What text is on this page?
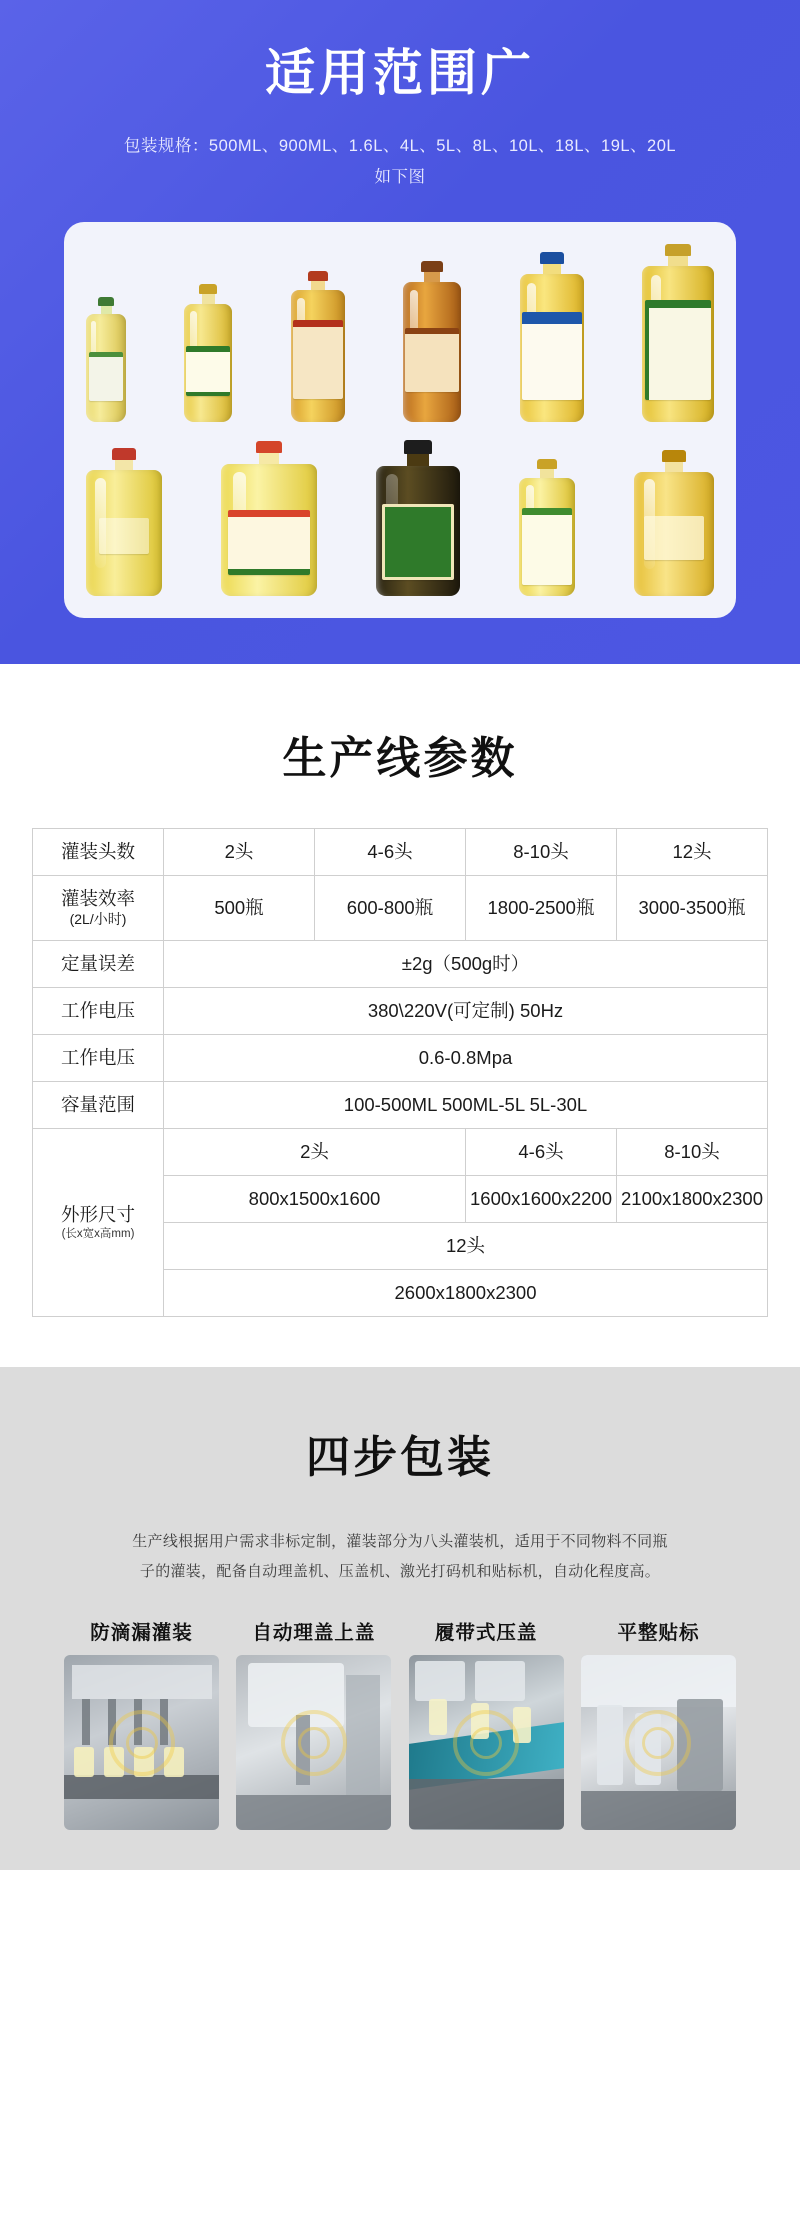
适用范围广
包装规格：500ML、900ML、1.6L、4L、5L、8L、10L、18L、19L、20L
如下图
生产线参数
灌装头数	2头	4-6头	8-10头	12头
灌装效率
(2L/小时)	500瓶	600-800瓶	1800-2500瓶	3000-3500瓶
定量误差	±2g（500g时）			
工作电压	380\220V(可定制) 50Hz			
工作电压	0.6-0.8Mpa			
容量范围	100-500ML 500ML-5L 5L-30L			
外形尺寸
(长x宽x高mm)	2头		4-6头	8-10头
	800x1500x1600		1600x1600x2200	2100x1800x2300
	12头			
	2600x1800x2300			
四步包装
生产线根据用户需求非标定制，灌装部分为八头灌装机，适用于不同物料不同瓶
子的灌装，配备自动理盖机、压盖机、激光打码机和贴标机，自动化程度高。
防滴漏灌装	自动理盖上盖	履带式压盖	平整贴标
